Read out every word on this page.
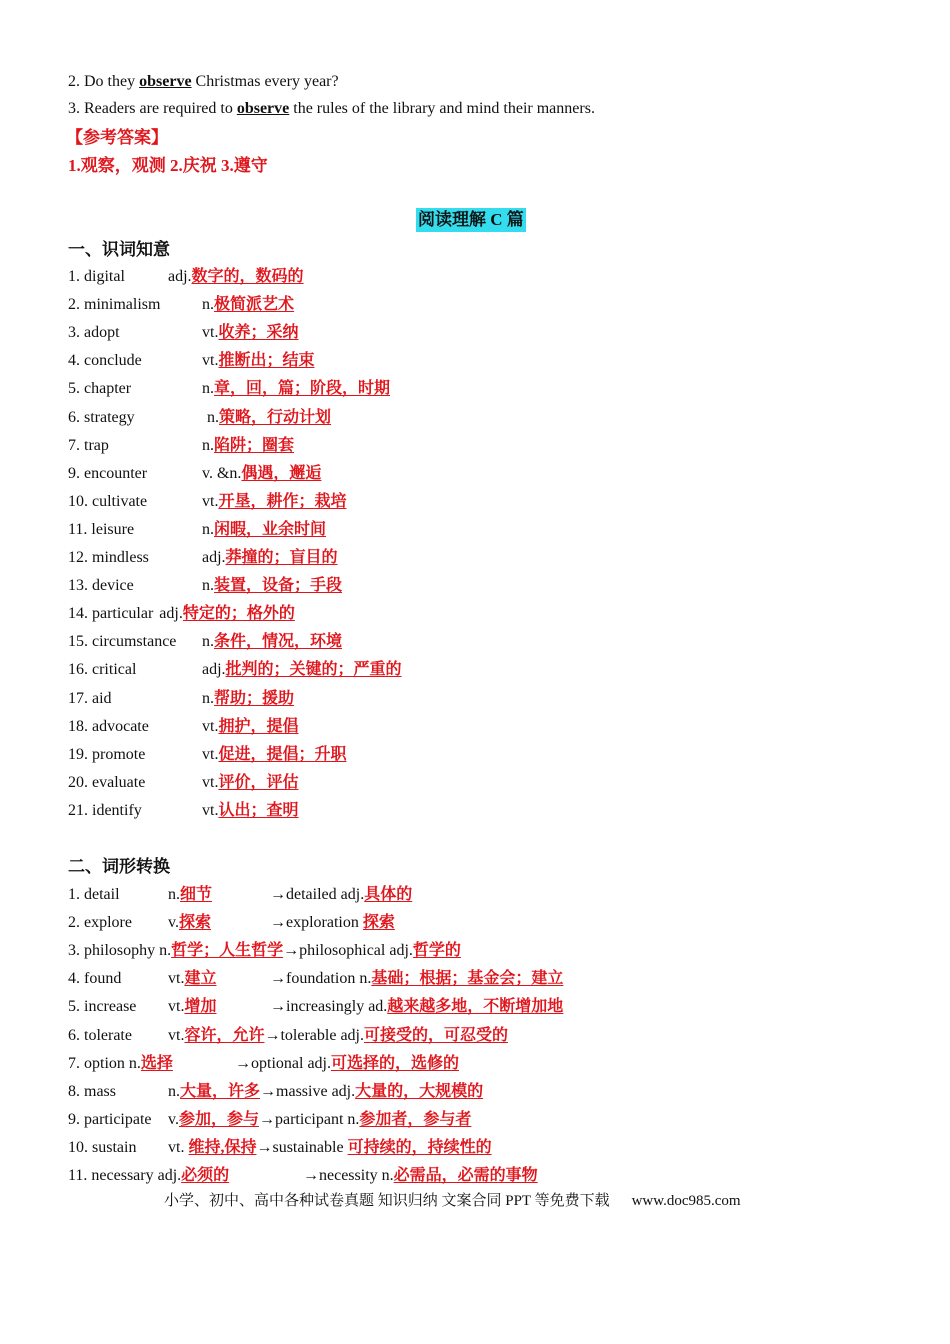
2. Do they observe Christmas every year?
3. Readers are required to observe the rules of the library and mind their manners.
【参考答案】
1.观察，观测 2.庆祝 3.遵守
阅读理解 C 篇
一、识词知意
1. digital	adj.数字的，数码的
2. minimalism	n.极简派艺术
3. adopt	vt.收养；采纳
4. conclude	vt.推断出；结束
5. chapter	n.章，回，篇；阶段，时期
6. strategy	n.策略，行动计划
7. trap	n.陷阱；圈套
9. encounter	v. &n.偶遇，邂逅
10. cultivate	vt.开垦，耕作；栽培
11. leisure	n.闲暇，业余时间
12. mindless	adj.莽撞的；盲目的
13. device	n.装置，设备；手段
14. particular adj.特定的；格外的
15. circumstance n.条件，情况，环境
16. critical	adj.批判的；关键的；严重的
17. aid	n.帮助；援助
18. advocate	vt.拥护，提倡
19. promote	vt.促进，提倡；升职
20. evaluate	vt.评价，评估
21. identify	vt.认出；查明
二、词形转换
1. detail	n.细节	→detailed adj.具体的
2. explore v.探索	→exploration 探索
3. philosophy n.哲学；人生哲学→philosophical adj.哲学的
4. found	vt.建立	→foundation n.基础；根据；基金会；建立
5. increase vt.增加	→increasingly ad.越来越多地，不断增加地
6. tolerate vt.容许，允许→tolerable adj.可接受的，可忍受的
7. option n.选择	→optional adj.可选择的，选修的
8. mass	n.大量，许多→massive adj.大量的，大规模的
9. participate v.参加，参与→participant n.参加者，参与者
10. sustain vt. 维持,保持→sustainable 可持续的，持续性的
11. necessary adj.必须的	→necessity n.必需品，必需的事物
小学、初中、高中各种试卷真题 知识归纳 文案合同 PPT 等免费下载 www.doc985.com
